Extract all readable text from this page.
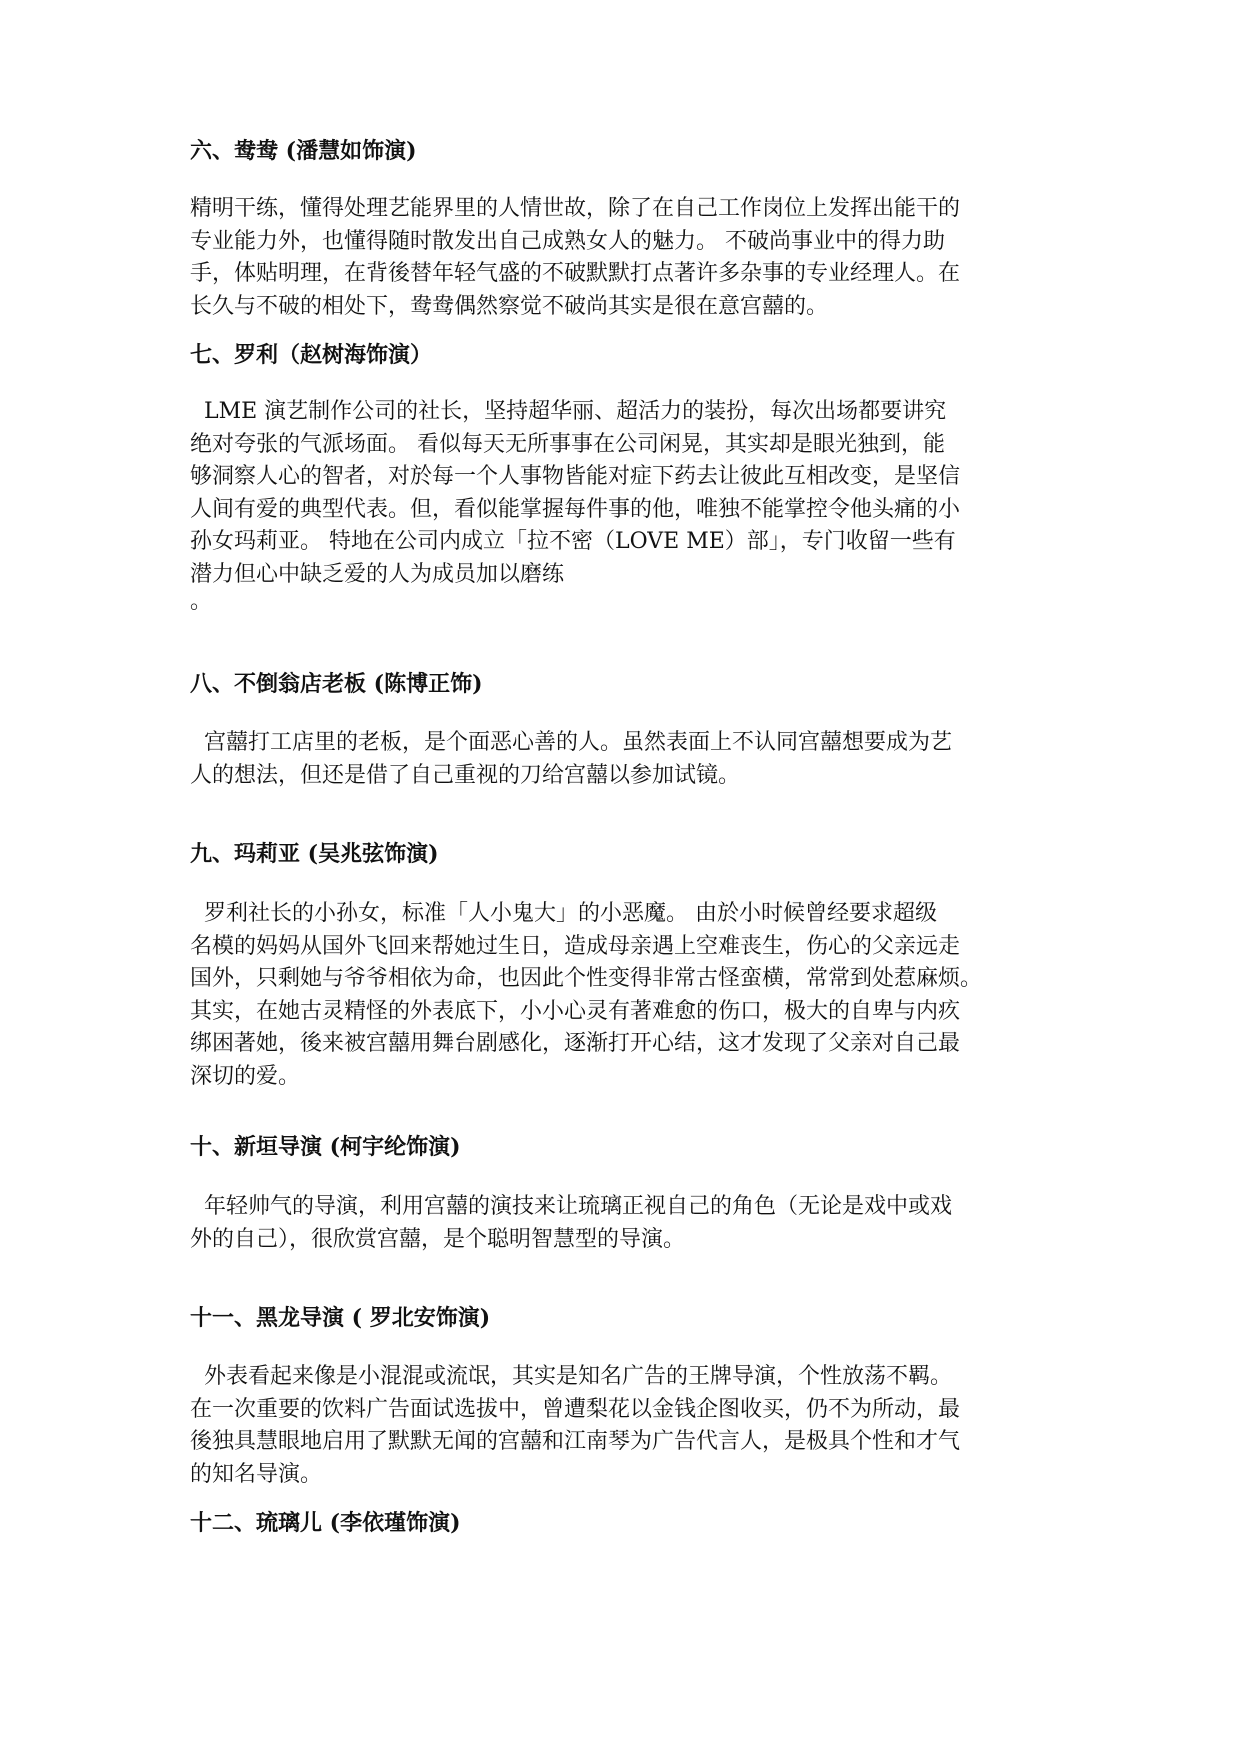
六、鸯鸯 (潘慧如饰演)

精明干练，懂得处理艺能界里的人情世故，除了在自己工作岗位上发挥出能干的
专业能力外，也懂得随时散发出自己成熟女人的魅力。 不破尚事业中的得力助
手，体贴明理，在背後替年轻气盛的不破默默打点著许多杂事的专业经理人。在
长久与不破的相处下，鸯鸯偶然察觉不破尚其实是很在意宫囍的。

七、罗利（赵树海饰演）

LME 演艺制作公司的社长，坚持超华丽、超活力的装扮，每次出场都要讲究
绝对夸张的气派场面。 看似每天无所事事在公司闲晃，其实却是眼光独到，能
够洞察人心的智者，对於每一个人事物皆能对症下药去让彼此互相改变，是坚信
人间有爱的典型代表。但，看似能掌握每件事的他，唯独不能掌控令他头痛的小
孙女玛莉亚。 特地在公司内成立「拉不密（LOVE ME）部」，专门收留一些有
潜力但心中缺乏爱的人为成员加以磨练
。

八、不倒翁店老板 (陈博正饰)

宫囍打工店里的老板，是个面恶心善的人。虽然表面上不认同宫囍想要成为艺
人的想法，但还是借了自己重视的刀给宫囍以参加试镜。

九、玛莉亚 (吴兆弦饰演)

罗利社长的小孙女，标准「人小鬼大」的小恶魔。 由於小时候曾经要求超级
名模的妈妈从国外飞回来帮她过生日，造成母亲遇上空难丧生，伤心的父亲远走
国外，只剩她与爷爷相依为命，也因此个性变得非常古怪蛮横，常常到处惹麻烦。
其实，在她古灵精怪的外表底下，小小心灵有著难愈的伤口，极大的自卑与内疚
绑困著她，後来被宫囍用舞台剧感化，逐渐打开心结，这才发现了父亲对自己最
深切的爱。

十、新垣导演 (柯宇纶饰演)

年轻帅气的导演，利用宫囍的演技来让琉璃正视自己的角色（无论是戏中或戏
外的自己），很欣赏宫囍，是个聪明智慧型的导演。

十一、黑龙导演 ( 罗北安饰演)

外表看起来像是小混混或流氓，其实是知名广告的王牌导演，个性放荡不羁。
在一次重要的饮料广告面试选拔中，曾遭梨花以金钱企图收买，仍不为所动，最
後独具慧眼地启用了默默无闻的宫囍和江南琴为广告代言人，是极具个性和才气
的知名导演。

十二、琉璃儿 (李依瑾饰演)
